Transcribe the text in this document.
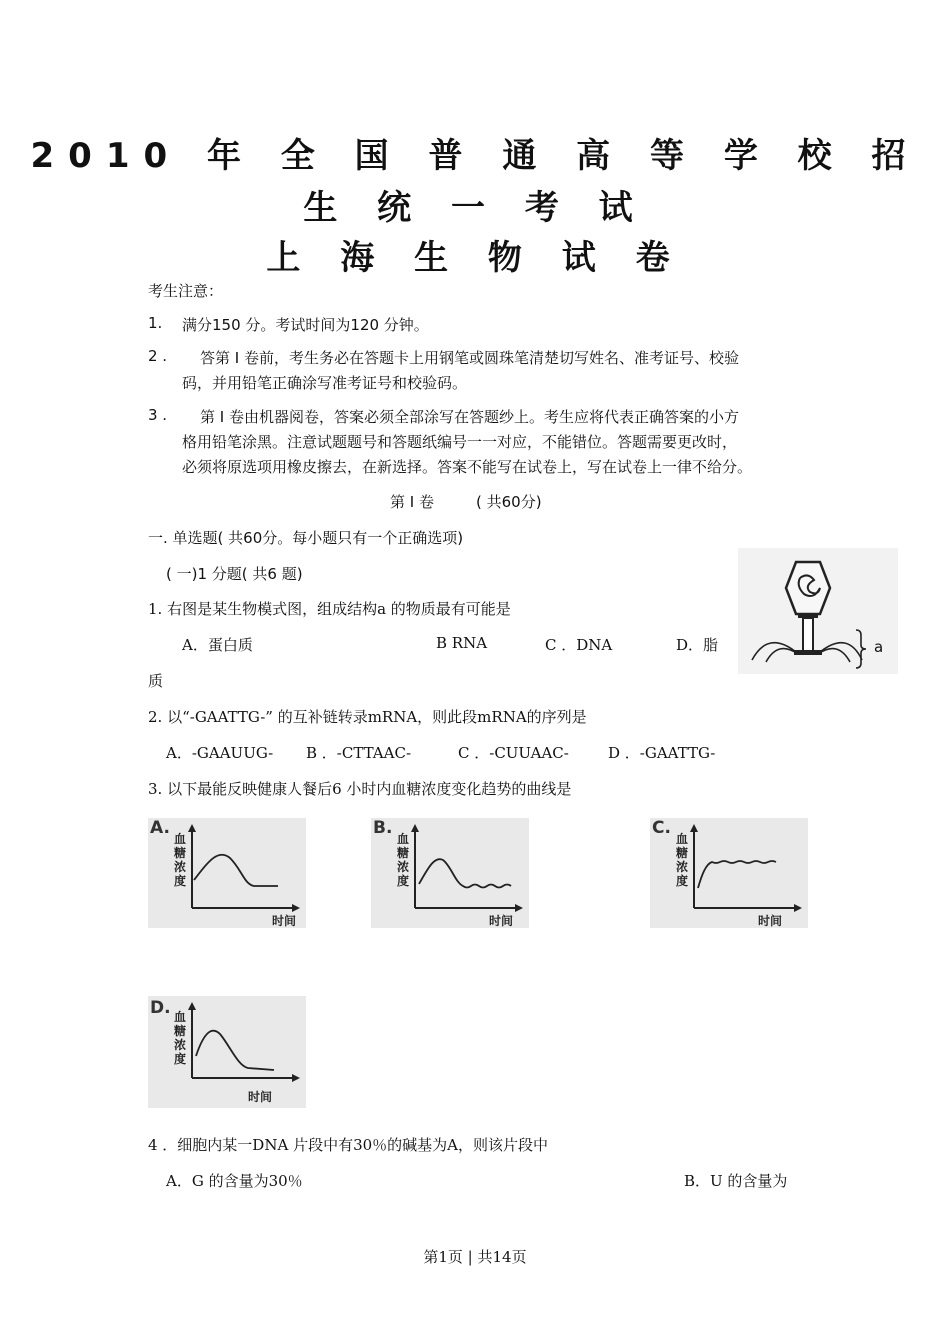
2010 年 全 国 普 通 高 等 学 校 招
生 统 一 考 试
上 海 生 物 试 卷
考生注意：
1. 满分150 分。考试时间为120 分钟。
2 . 答第 I 卷前，考生务必在答题卡上用钢笔或圆珠笔清楚切写姓名、准考证号、校验
码，并用铅笔正确涂写准考证号和校验码。
3 . 第 I 卷由机器阅卷，答案必须全部涂写在答题纱上。考生应将代表正确答案的小方
格用铅笔涂黑。注意试题题号和答题纸编号一一对应，不能错位。答题需要更改时，
必须将原选项用橡皮擦去，在新选择。答案不能写在试卷上，写在试卷上一律不给分。
第 I 卷	( 共60分)
一. 单选题( 共60分。每小题只有一个正确选项)
( 一)1 分题( 共6 题)
1. 右图是某生物模式图，组成结构a 的物质最有可能是
A．蛋白质	B RNA	C ．DNA	D．脂
质
a
2. 以“-GAATTG-” 的互补链转录mRNA，则此段mRNA的序列是
A．-GAAUUG- B ．-CTTAAC-	C ．-CUUAAC-	D ．-GAATTG-
3. 以下最能反映健康人餐后6 小时内血糖浓度变化趋势的曲线是
A.
血糖浓度
时间
B.
血糖浓度
时间
C.
血糖浓度
时间
D. 血糖浓度
时间
4 ．细胞内某一DNA 片段中有30％的碱基为A，则该片段中
A．G 的含量为30％	B．U 的含量为
第1页 | 共14页
